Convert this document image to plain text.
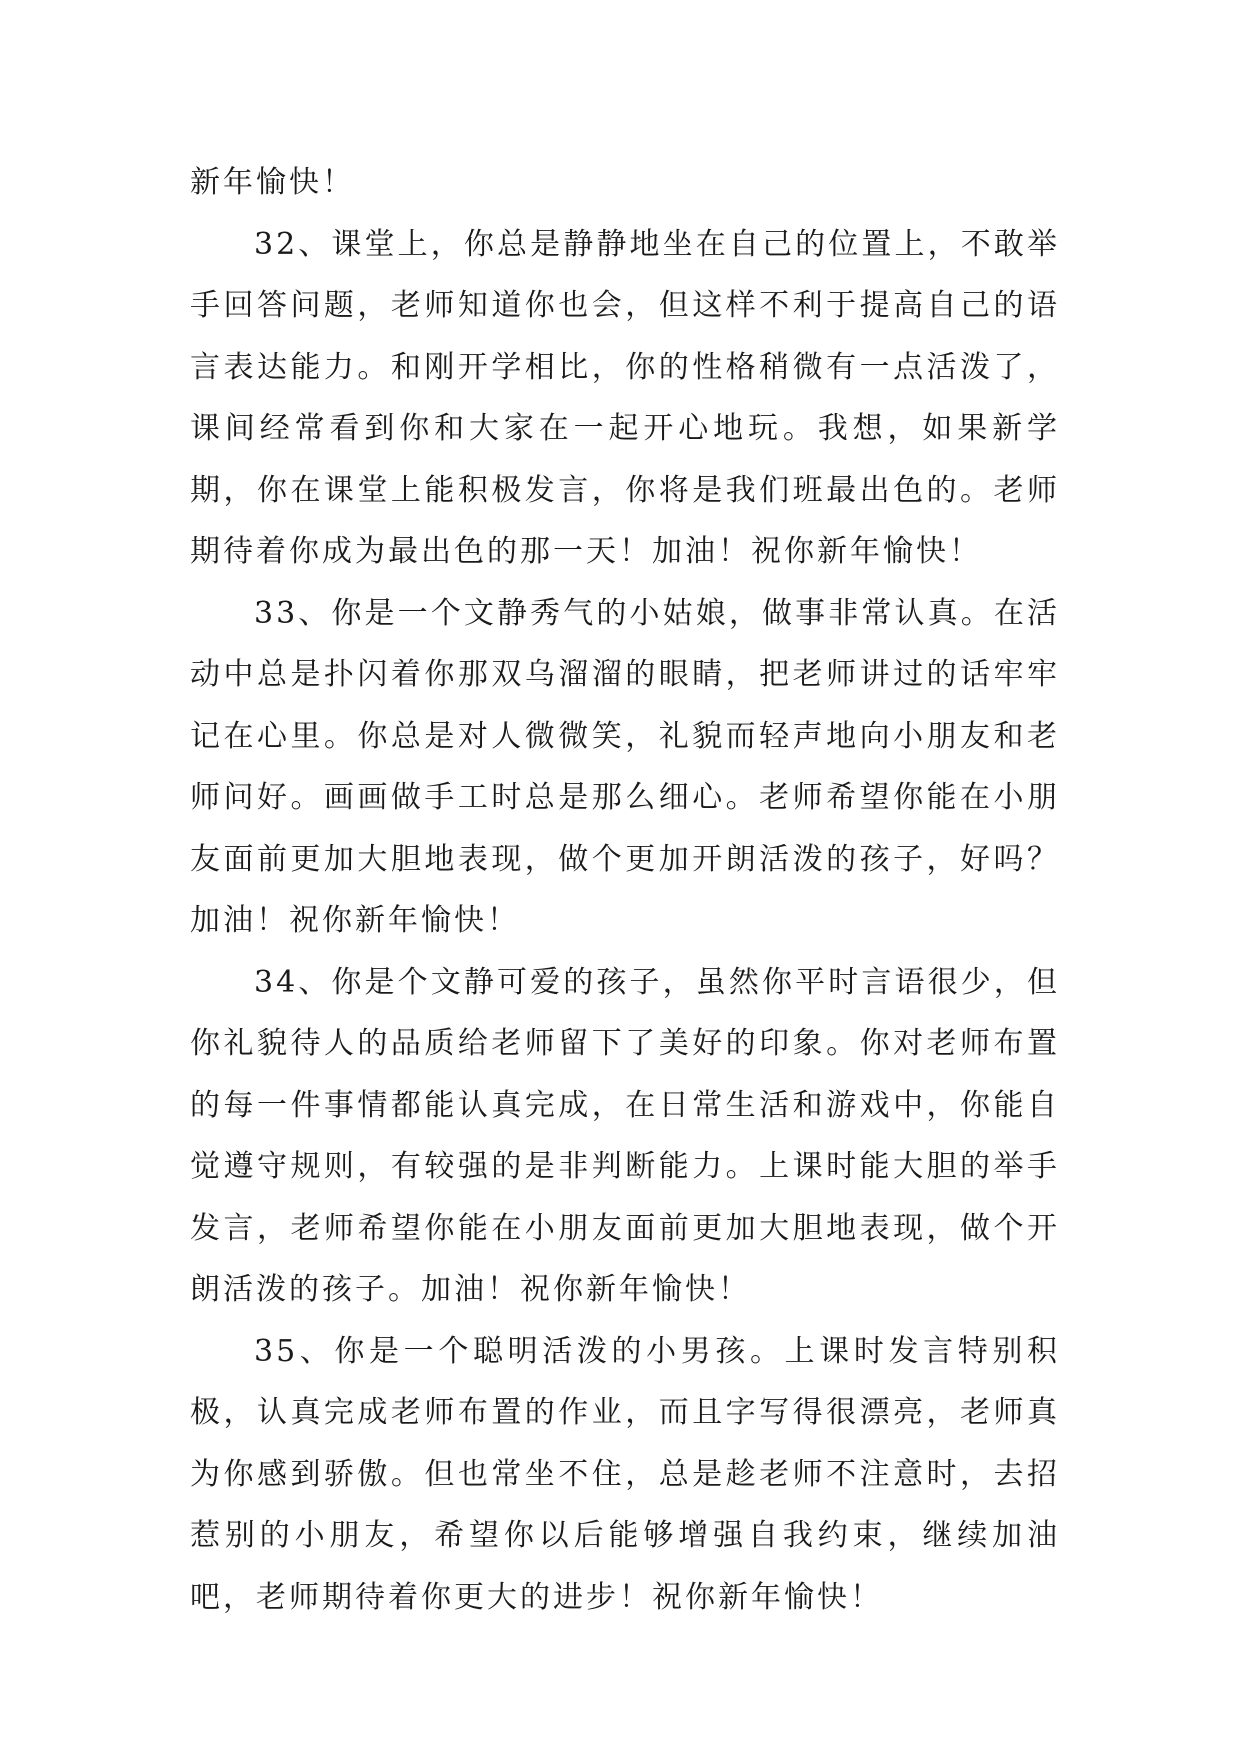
新年愉快！

32、课堂上，你总是静静地坐在自己的位置上，不敢举手回答问题，老师知道你也会，但这样不利于提高自己的语言表达能力。和刚开学相比，你的性格稍微有一点活泼了，课间经常看到你和大家在一起开心地玩。我想，如果新学期，你在课堂上能积极发言，你将是我们班最出色的。老师期待着你成为最出色的那一天！加油！祝你新年愉快！

33、你是一个文静秀气的小姑娘，做事非常认真。在活动中总是扑闪着你那双乌溜溜的眼睛，把老师讲过的话牢牢记在心里。你总是对人微微笑，礼貌而轻声地向小朋友和老师问好。画画做手工时总是那么细心。老师希望你能在小朋友面前更加大胆地表现，做个更加开朗活泼的孩子，好吗？加油！祝你新年愉快！

34、你是个文静可爱的孩子，虽然你平时言语很少，但你礼貌待人的品质给老师留下了美好的印象。你对老师布置的每一件事情都能认真完成，在日常生活和游戏中，你能自觉遵守规则，有较强的是非判断能力。上课时能大胆的举手发言，老师希望你能在小朋友面前更加大胆地表现，做个开朗活泼的孩子。加油！祝你新年愉快！

35、你是一个聪明活泼的小男孩。上课时发言特别积极，认真完成老师布置的作业，而且字写得很漂亮，老师真为你感到骄傲。但也常坐不住，总是趁老师不注意时，去招惹别的小朋友，希望你以后能够增强自我约束，继续加油吧，老师期待着你更大的进步！祝你新年愉快！
